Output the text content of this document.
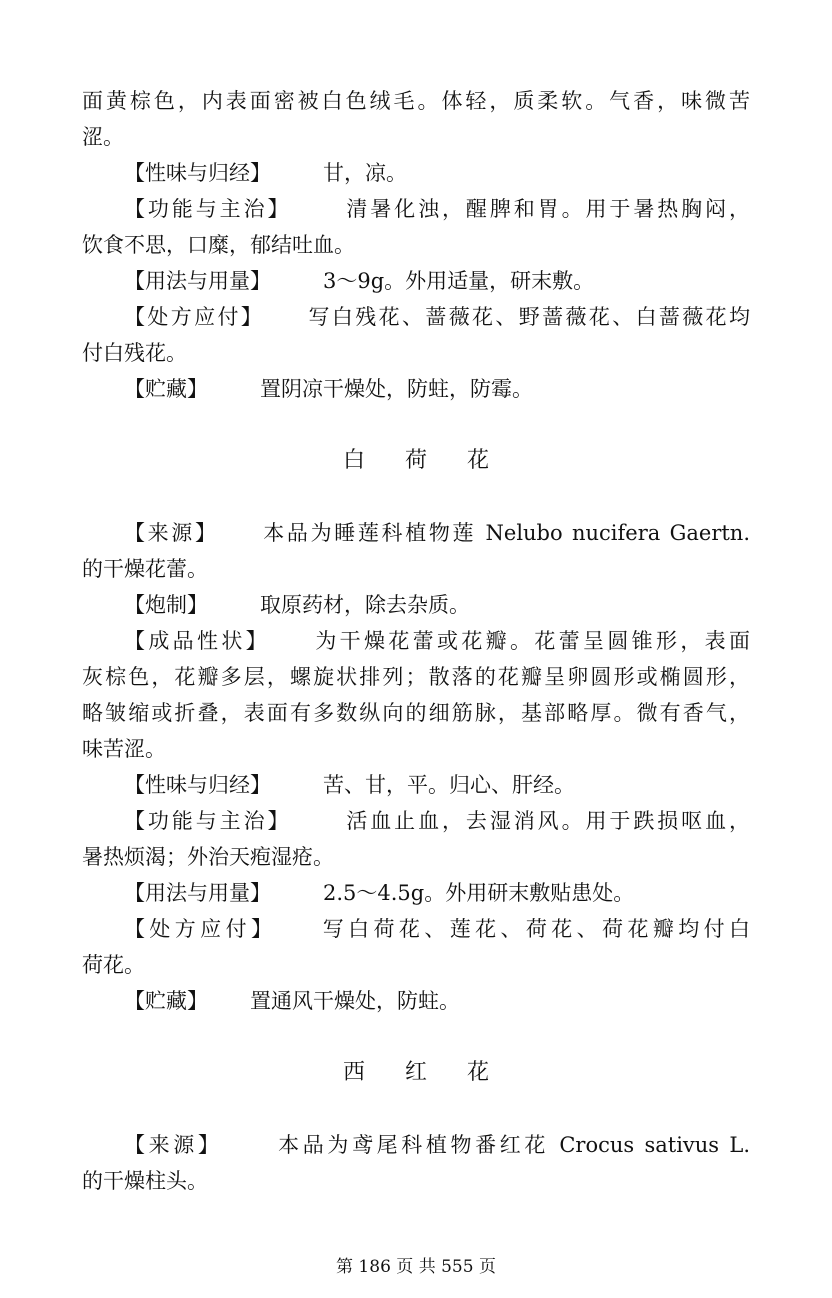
面黄棕色，内表面密被白色绒毛。体轻，质柔软。气香，味微苦
涩。
【性味与归经】 甘，凉。
【功能与主治】 清暑化浊，醒脾和胃。用于暑热胸闷，
饮食不思，口糜，郁结吐血。
【用法与用量】 3～9g。外用适量，研末敷。
【处方应付】 写白残花、蔷薇花、野蔷薇花、白蔷薇花均
付白残花。
【贮藏】 置阴凉干燥处，防蛀，防霉。
白 荷 花
【来源】 本品为睡莲科植物莲 Nelubo nucifera Gaertn.
的干燥花蕾。
【炮制】 取原药材，除去杂质。
【成品性状】 为干燥花蕾或花瓣。花蕾呈圆锥形，表面
灰棕色，花瓣多层，螺旋状排列；散落的花瓣呈卵圆形或椭圆形，
略皱缩或折叠，表面有多数纵向的细筋脉，基部略厚。微有香气，
味苦涩。
【性味与归经】 苦、甘，平。归心、肝经。
【功能与主治】 活血止血，去湿消风。用于跌损呕血，
暑热烦渴；外治天疱湿疮。
【用法与用量】 2.5～4.5g。外用研末敷贴患处。
【处方应付】 写白荷花、莲花、荷花、荷花瓣均付白
荷花。
【贮藏】 置通风干燥处，防蛀。
西 红 花
【来源】 本品为鸢尾科植物番红花 Crocus sativus L.
的干燥柱头。
第 186 页 共 555 页
